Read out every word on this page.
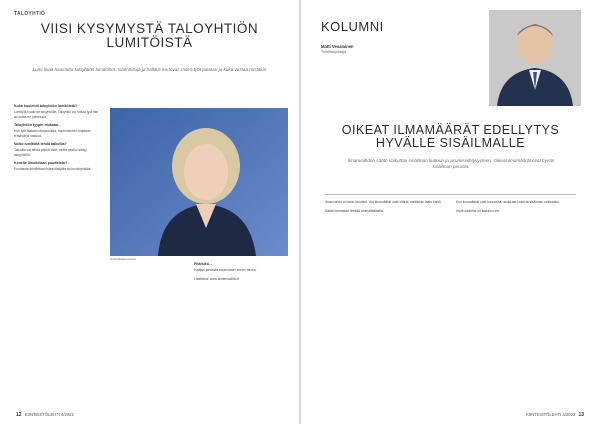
TALOYHTIÖ
VIISI KYSYMYSTÄ TALOYHTIÖN LUMITÖISTÄ

Lumi lisää haastetta taloyhtiön lumitöihin. Isännöitsijä ja hallitus kertovat, miten työt jaetaan ja kuka vastaa mistäkin.

Kuka huolehtii taloyhtiön lumitöistä?
Lumityöt kuuluvat taloyhtiölle. Taloyhtiö voi hoitaa työt itse tai ostaa ne palveluna.

Taloyhtiön tyypin mukaan...
Kun työt tilataan ulkopuolelta, sopimukseen kirjataan tehtävät ja vastuut.

Voiko lumitöitä tehdä talkoilla?
Talkoilla voi tehdä pieniä töitä, mutta vastuu säilyy taloyhtiöllä.

Kenelle ilmoitetaan puutteista?
Puutteista ilmoitetaan isännöitsijälle tai huoltoyhtiölle.

Isännöitsijä kuvassa.

Pitäisikö...
Hallitus tarkistaa sopimukset ennen talvea.

Lisätietoa: www.kiinteistoliitto.fi

12 KIINTEISTÖLEHTI 4/2022
KOLUMNI
Matti Vesalainen
Toimitusjohtaja
OIKEAT ILMAMÄÄRÄT EDELLYTYS HYVÄLLE SISÄILMALLE

Ilmanvaihdon säätö vaikuttaa sisäilman laatuun ja asumisviihtyvyyteen. Oikeat ilmamäärät ovat hyvän sisäilman perusta.

Ilmanvaihto on talon keuhkot. Jos ilmamäärät ovat väärät, sisäilman laatu kärsii.

Säätö kannattaa teettää ammattilaisella.

Kun ilmamäärät ovat kunnossa, asukkaat kokevat sisäilman raikkaaksi.

Hyvä sisäilma on kaikkien etu.

KIINTEISTÖLEHTI 4/2022 13
